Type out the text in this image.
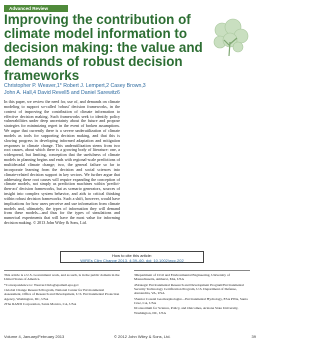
Advanced Review
Improving the contribution of climate model information to decision making: the value and demands of robust decision frameworks

Christopher P. Weaver,1* Robert J. Lempert,2 Casey Brown,3
John A. Hall,4 David Revell5 and Daniel Sarewitz6

In this paper, we review the need for, use of, and demands on climate modeling to support so-called 'robust' decision frameworks, in the context of improving the contribution of climate information to effective decision making. Such frameworks seek to identify policy vulnerabilities under deep uncertainty about the future and propose strategies for minimizing regret in the event of broken assumptions. We argue that currently there is a severe underutilization of climate models as tools for supporting decision making, and that this is slowing progress in developing informed adaptation and mitigation responses to climate change. This underutilization stems from two root causes, about which there is a growing body of literature: one, a widespread, but limiting, conception that the usefulness of climate models in planning begins and ends with regional-scale predictions of multidecadal climate change; two, the general failure so far to incorporate learning from the decision and social sciences into climate-related decision support in key sectors. We further argue that addressing these root causes will require expanding the conception of climate models, not simply as prediction machines within 'predict-then-act' decision frameworks, but as scenario generators, sources of insight into complex system behavior, and aids to critical thinking within robust decision frameworks. Such a shift, however, would have implications for how users perceive and use information from climate models and, ultimately, the types of information they will demand from these models—and thus for the types of simulations and numerical experiments that will have the most value for informing decision making. © 2013 John Wiley & Sons, Ltd.

How to cite this article:
WIREs Clim Change 2013, 4:39–60. doi: 10.1002/wcc.202

This article is a U.S. Government work, and as such, is in the public domain in the United States of America.

*Correspondence to: Weaver.Chris@epamail.epa.gov

1Global Change Research Program, National Center for Environmental Assessment, Office of Research and Development, U.S. Environmental Protection Agency, Washington, DC, USA

2The RAND Corporation, Santa Monica, CA, USA

3Department of Civil and Environmental Engineering, University of Massachusetts, Amherst, MA, USA

4Strategic Environmental Research and Development Program/Environmental Security Technology Certification Program, U.S. Department of Defense, Alexandria, VA, USA

5Senior Coastal Geomorphologist—Environmental Hydrology, ESA PWA, Santa Cruz, CA, USA

6Consortium for Science, Policy, and Outcomes, Arizona State University, Washington, DC, USA

Volume 4, January/February 2013	© 2012 John Wiley & Sons, Ltd.	39
